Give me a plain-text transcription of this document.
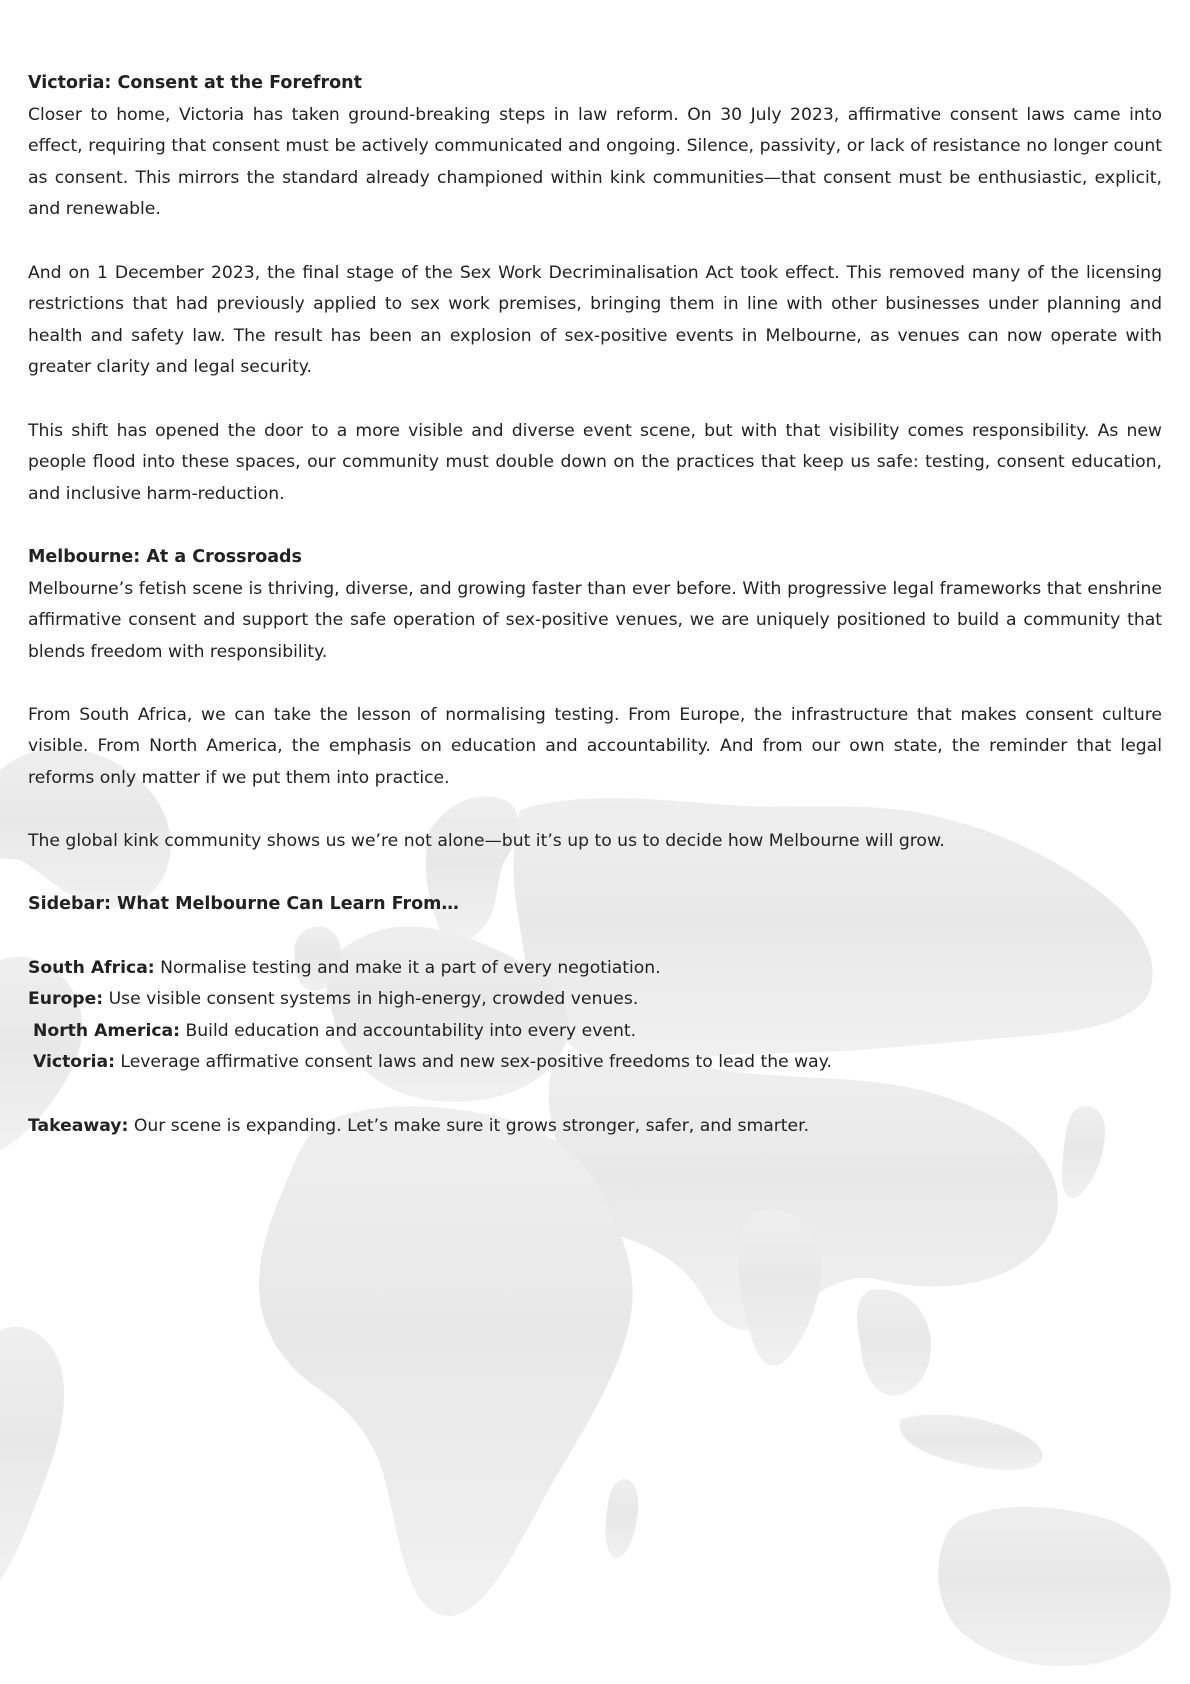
Victoria: Consent at the Forefront

Closer to home, Victoria has taken ground-breaking steps in law reform. On 30 July 2023, affirmative consent laws came into effect, requiring that consent must be actively communicated and ongoing. Silence, passivity, or lack of resistance no longer count as consent. This mirrors the standard already championed within kink communities—that consent must be enthusiastic, explicit, and renewable.

And on 1 December 2023, the final stage of the Sex Work Decriminalisation Act took effect. This removed many of the licensing restrictions that had previously applied to sex work premises, bringing them in line with other businesses under planning and health and safety law. The result has been an explosion of sex-positive events in Melbourne, as venues can now operate with greater clarity and legal security.

This shift has opened the door to a more visible and diverse event scene, but with that visibility comes responsibility. As new people flood into these spaces, our community must double down on the practices that keep us safe: testing, consent education, and inclusive harm-reduction.

Melbourne: At a Crossroads

Melbourne’s fetish scene is thriving, diverse, and growing faster than ever before. With progressive legal frameworks that enshrine affirmative consent and support the safe operation of sex-positive venues, we are uniquely positioned to build a community that blends freedom with responsibility.

From South Africa, we can take the lesson of normalising testing. From Europe, the infrastructure that makes consent culture visible. From North America, the emphasis on education and accountability. And from our own state, the reminder that legal reforms only matter if we put them into practice.

The global kink community shows us we’re not alone—but it’s up to us to decide how Melbourne will grow.

Sidebar: What Melbourne Can Learn From…

South Africa: Normalise testing and make it a part of every negotiation.

Europe: Use visible consent systems in high-energy, crowded venues.

North America: Build education and accountability into every event.

Victoria: Leverage affirmative consent laws and new sex-positive freedoms to lead the way.

Takeaway: Our scene is expanding. Let’s make sure it grows stronger, safer, and smarter.
